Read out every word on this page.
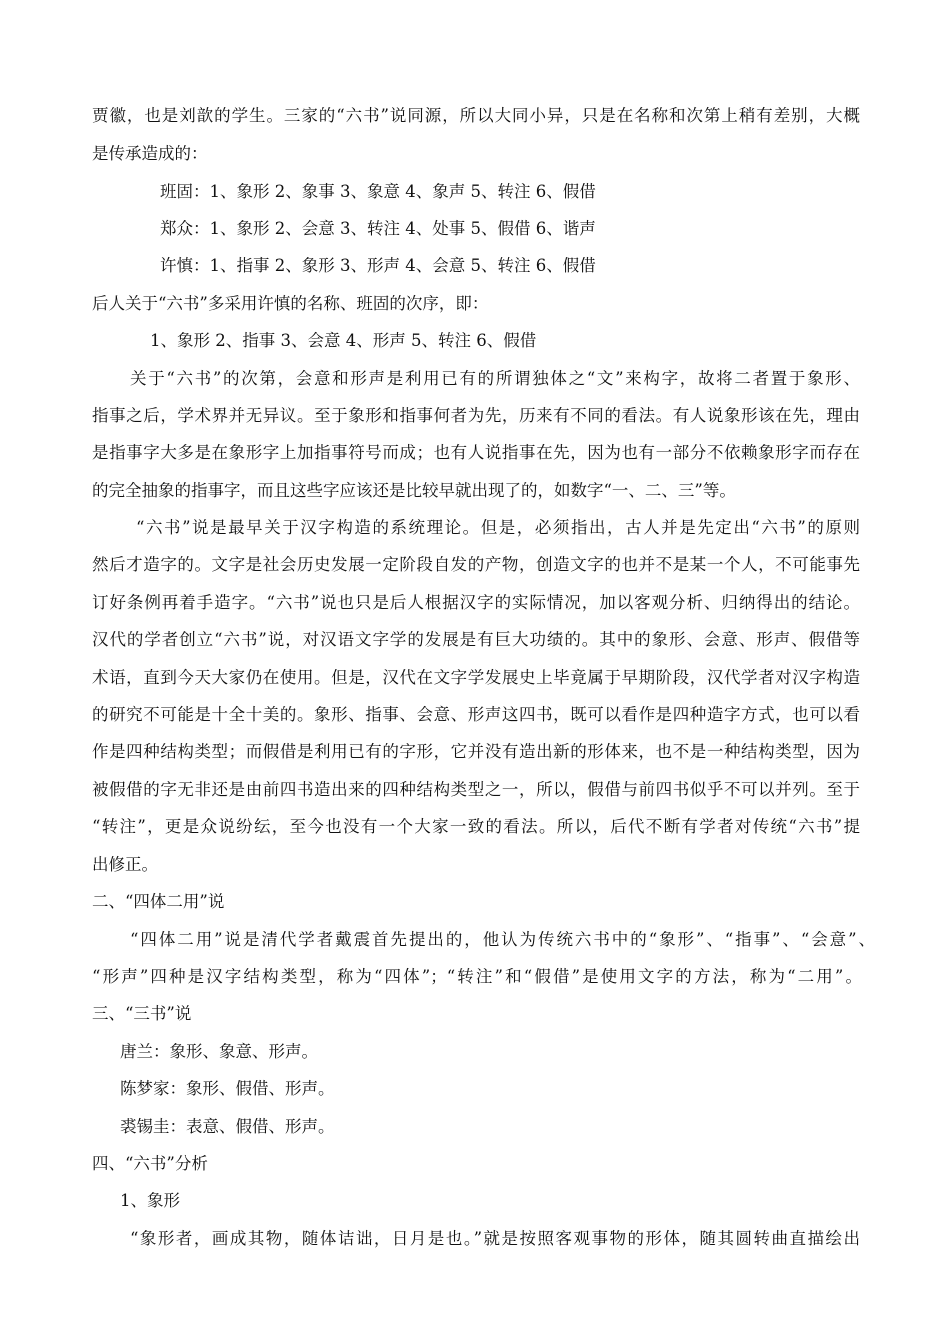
贾徽，也是刘歆的学生。三家的“六书”说同源，所以大同小异，只是在名称和次第上稍有差别，大概
是传承造成的：
班固：1、象形 2、象事 3、象意 4、象声 5、转注 6、假借
郑众：1、象形 2、会意 3、转注 4、处事 5、假借 6、谐声
许慎：1、指事 2、象形 3、形声 4、会意 5、转注 6、假借
后人关于“六书”多采用许慎的名称、班固的次序，即：
1、象形 2、指事 3、会意 4、形声 5、转注 6、假借
关于“六书”的次第，会意和形声是利用已有的所谓独体之“文”来构字，故将二者置于象形、
指事之后，学术界并无异议。至于象形和指事何者为先，历来有不同的看法。有人说象形该在先，理由
是指事字大多是在象形字上加指事符号而成；也有人说指事在先，因为也有一部分不依赖象形字而存在
的完全抽象的指事字，而且这些字应该还是比较早就出现了的，如数字“一、二、三”等。
“六书”说是最早关于汉字构造的系统理论。但是，必须指出，古人并是先定出“六书”的原则
然后才造字的。文字是社会历史发展一定阶段自发的产物，创造文字的也并不是某一个人，不可能事先
订好条例再着手造字。“六书”说也只是后人根据汉字的实际情况，加以客观分析、归纳得出的结论。
汉代的学者创立“六书”说，对汉语文字学的发展是有巨大功绩的。其中的象形、会意、形声、假借等
术语，直到今天大家仍在使用。但是，汉代在文字学发展史上毕竟属于早期阶段，汉代学者对汉字构造
的研究不可能是十全十美的。象形、指事、会意、形声这四书，既可以看作是四种造字方式，也可以看
作是四种结构类型；而假借是利用已有的字形，它并没有造出新的形体来，也不是一种结构类型，因为
被假借的字无非还是由前四书造出来的四种结构类型之一，所以，假借与前四书似乎不可以并列。至于
“转注”，更是众说纷纭，至今也没有一个大家一致的看法。所以，后代不断有学者对传统“六书”提
出修正。
二、“四体二用”说
“四体二用”说是清代学者戴震首先提出的，他认为传统六书中的“象形”、“指事”、“会意”、
“形声”四种是汉字结构类型，称为“四体”；“转注”和“假借”是使用文字的方法，称为“二用”。
三、“三书”说
唐兰：象形、象意、形声。
陈梦家：象形、假借、形声。
裘锡圭：表意、假借、形声。
四、“六书”分析
1、象形
“象形者，画成其物，随体诘诎，日月是也。”就是按照客观事物的形体，随其圆转曲直描绘出
